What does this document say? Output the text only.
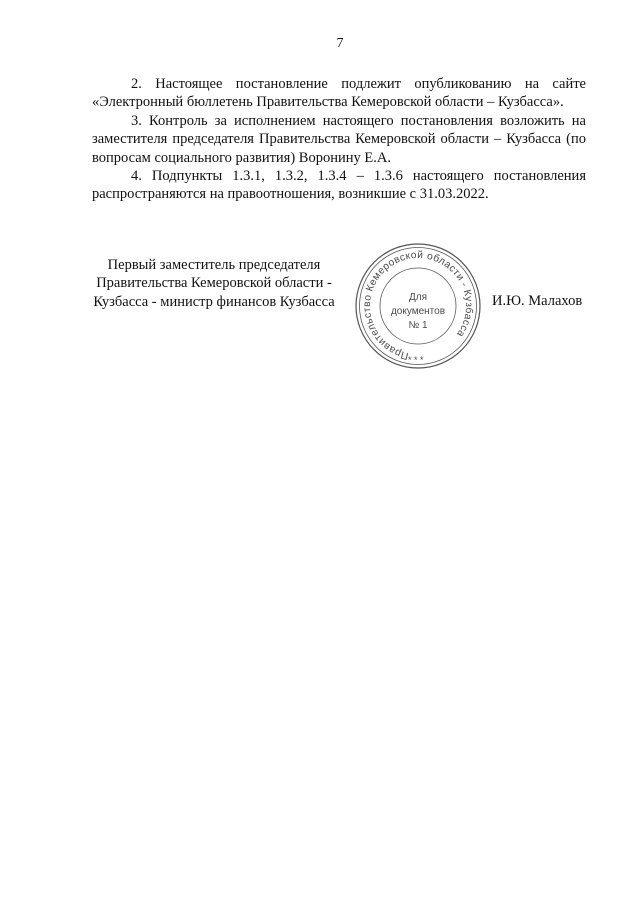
7

2. Настоящее постановление подлежит опубликованию на сайте «Электронный бюллетень Правительства Кемеровской области – Кузбасса».

3. Контроль за исполнением настоящего постановления возложить на заместителя председателя Правительства Кемеровской области – Кузбасса (по вопросам социального развития) Воронину Е.А.

4. Подпункты 1.3.1, 1.3.2, 1.3.4 – 1.3.6 настоящего постановления распространяются на правоотношения, возникшие с 31.03.2022.

Первый заместитель председателя
Правительства Кемеровской области -
Кузбасса - министр финансов Кузбасса
Правительство Кемеровской области - Кузбасса
* * *
Для
документов
№ 1
И.Ю. Малахов
